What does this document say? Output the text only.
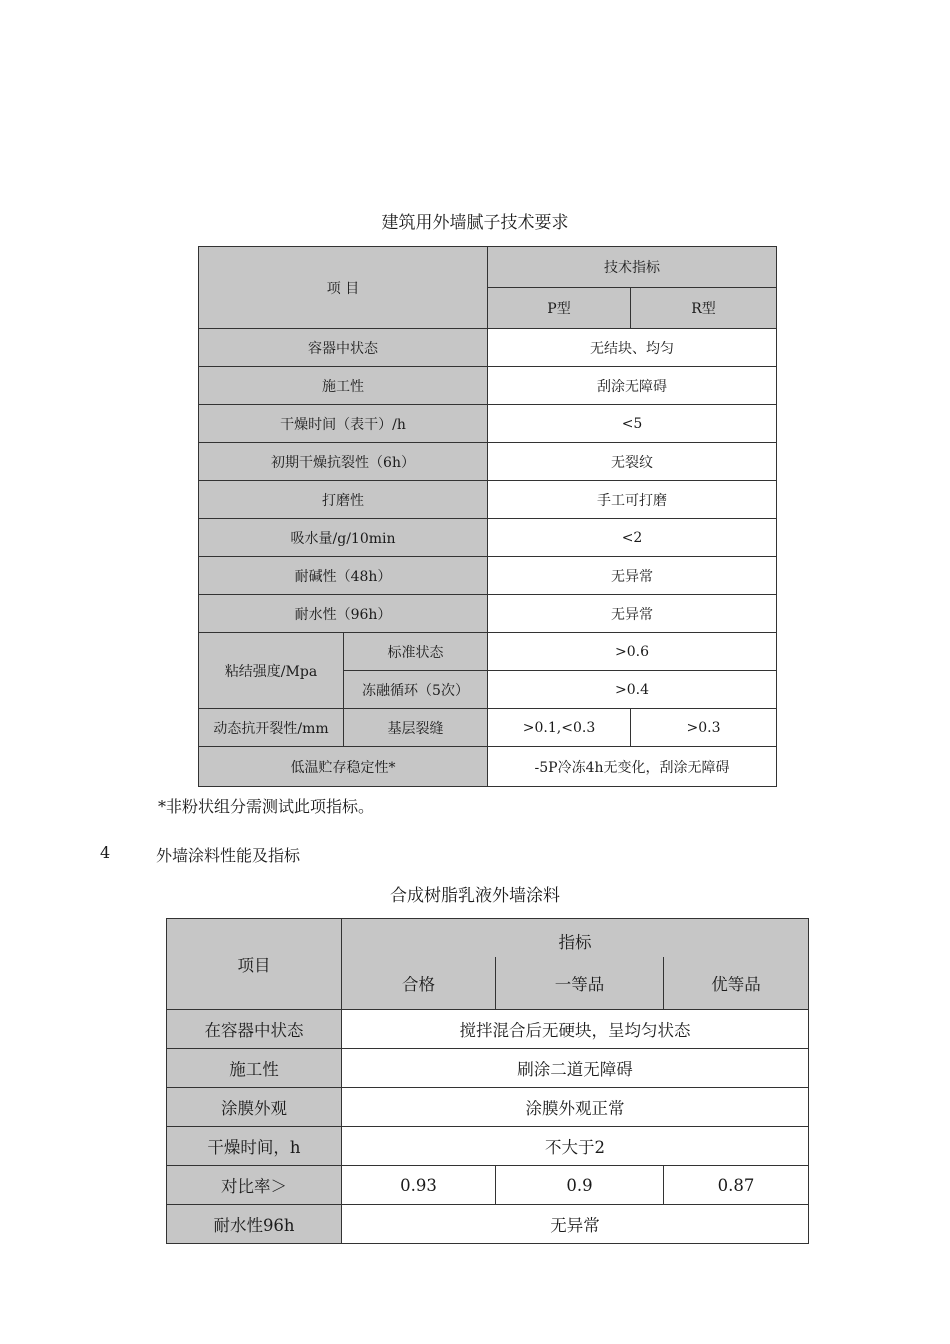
建筑用外墙腻子技术要求
项 目		技术指标	
		P型	R型
容器中状态		无结块、均匀	
施工性		刮涂无障碍	
干燥时间（表干）/h		<5	
初期干燥抗裂性（6h）		无裂纹	
打磨性		手工可打磨	
吸水量/g/10min		<2	
耐碱性（48h）		无异常	
耐水性（96h）		无异常	
粘结强度/Mpa	标准状态	>0.6	
	冻融循环（5次）	>0.4	
动态抗开裂性/mm	基层裂缝	>0.1,<0.3	>0.3
低温贮存稳定性*		-5P冷冻4h无变化，刮涂无障碍	
*非粉状组分需测试此项指标。
4	外墙涂料性能及指标
合成树脂乳液外墙涂料
项目	指标		
	合格	一等品	优等品
在容器中状态	搅拌混合后无硬块，呈均匀状态		
施工性	刷涂二道无障碍		
涂膜外观	涂膜外观正常		
干燥时间，h	不大于2		
对比率＞	0.93	0.9	0.87
耐水性96h	无异常		
